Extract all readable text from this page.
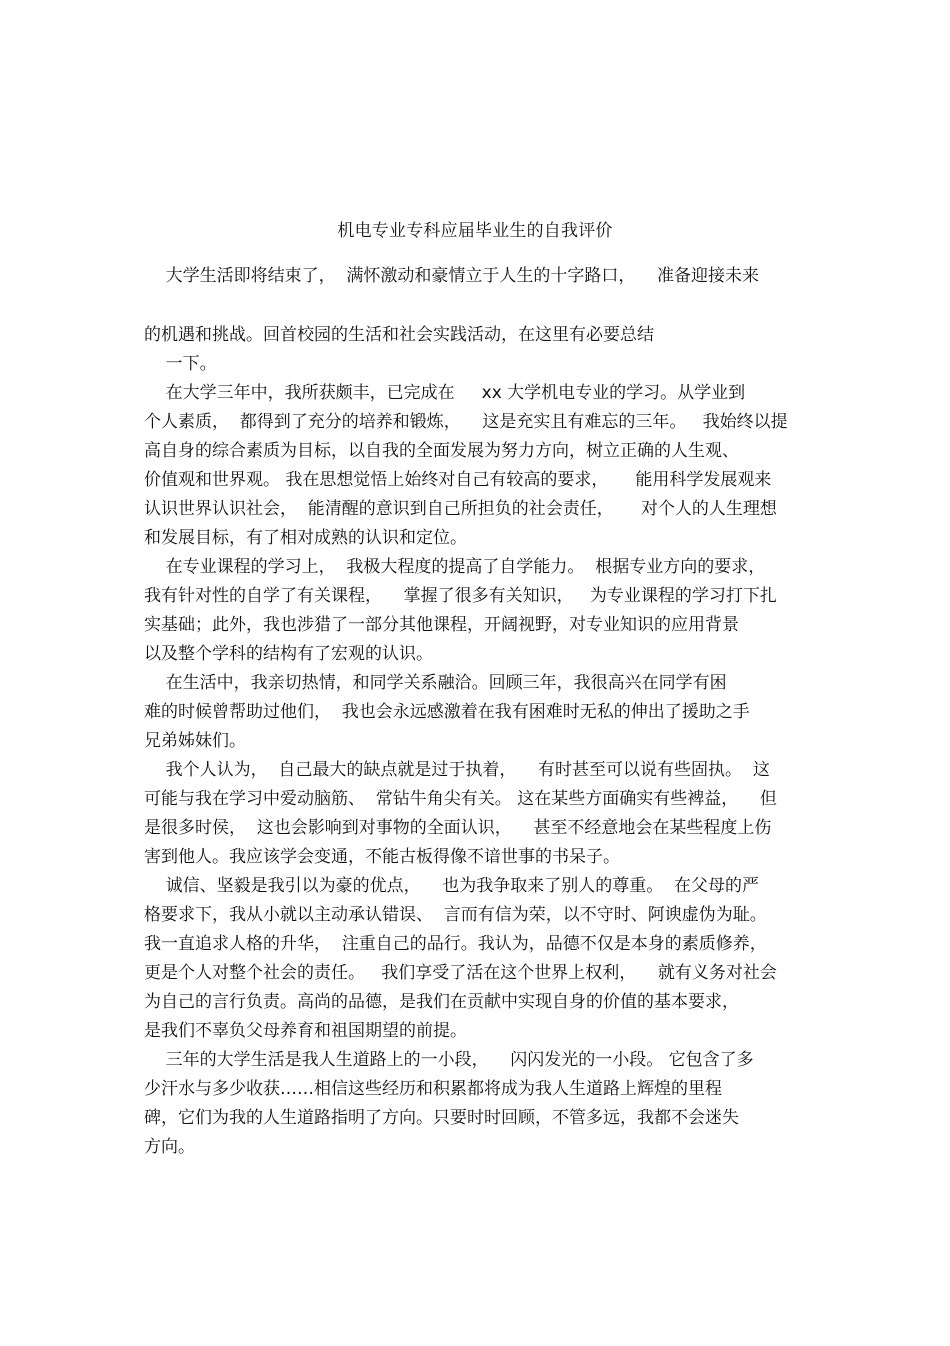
机电专业专科应届毕业生的自我评价
大学生活即将结束了，  满怀激动和豪情立于人生的十字路口，    准备迎接未来
的机遇和挑战。回首校园的生活和社会实践活动，在这里有必要总结
一下。
在大学三年中，我所获颇丰，已完成在     xx 大学机电专业的学习。从学业到
个人素质，  都得到了充分的培养和锻炼，    这是充实且有难忘的三年。   我始终以提
高自身的综合素质为目标，以自我的全面发展为努力方向，树立正确的人生观、
价值观和世界观。 我在思想觉悟上始终对自己有较高的要求，     能用科学发展观来
认识世界认识社会，  能清醒的意识到自己所担负的社会责任，     对个人的人生理想
和发展目标，有了相对成熟的认识和定位。
在专业课程的学习上，  我极大程度的提高了自学能力。  根据专业方向的要求，
我有针对性的自学了有关课程，    掌握了很多有关知识，   为专业课程的学习打下扎
实基础；此外，我也涉猎了一部分其他课程，开阔视野，对专业知识的应用背景
以及整个学科的结构有了宏观的认识。
在生活中，我亲切热情，和同学关系融洽。回顾三年，我很高兴在同学有困
难的时候曾帮助过他们，  我也会永远感激着在我有困难时无私的伸出了援助之手
兄弟姊妹们。
我个人认为，  自己最大的缺点就是过于执着，    有时甚至可以说有些固执。  这
可能与我在学习中爱动脑筋、  常钻牛角尖有关。 这在某些方面确实有些裨益，    但
是很多时侯，  这也会影响到对事物的全面认识，    甚至不经意地会在某些程度上伤
害到他人。我应该学会变通，不能古板得像不谙世事的书呆子。
诚信、坚毅是我引以为豪的优点，    也为我争取来了别人的尊重。  在父母的严
格要求下，我从小就以主动承认错误、  言而有信为荣，以不守时、阿谀虚伪为耻。
我一直追求人格的升华，  注重自己的品行。我认为，品德不仅是本身的素质修养，
更是个人对整个社会的责任。   我们享受了活在这个世界上权利，    就有义务对社会
为自己的言行负责。高尚的品德，是我们在贡献中实现自身的价值的基本要求，
是我们不辜负父母养育和祖国期望的前提。
三年的大学生活是我人生道路上的一小段，    闪闪发光的一小段。 它包含了多
少汗水与多少收获……相信这些经历和积累都将成为我人生道路上辉煌的里程
碑，它们为我的人生道路指明了方向。只要时时回顾，不管多远，我都不会迷失
方向。
